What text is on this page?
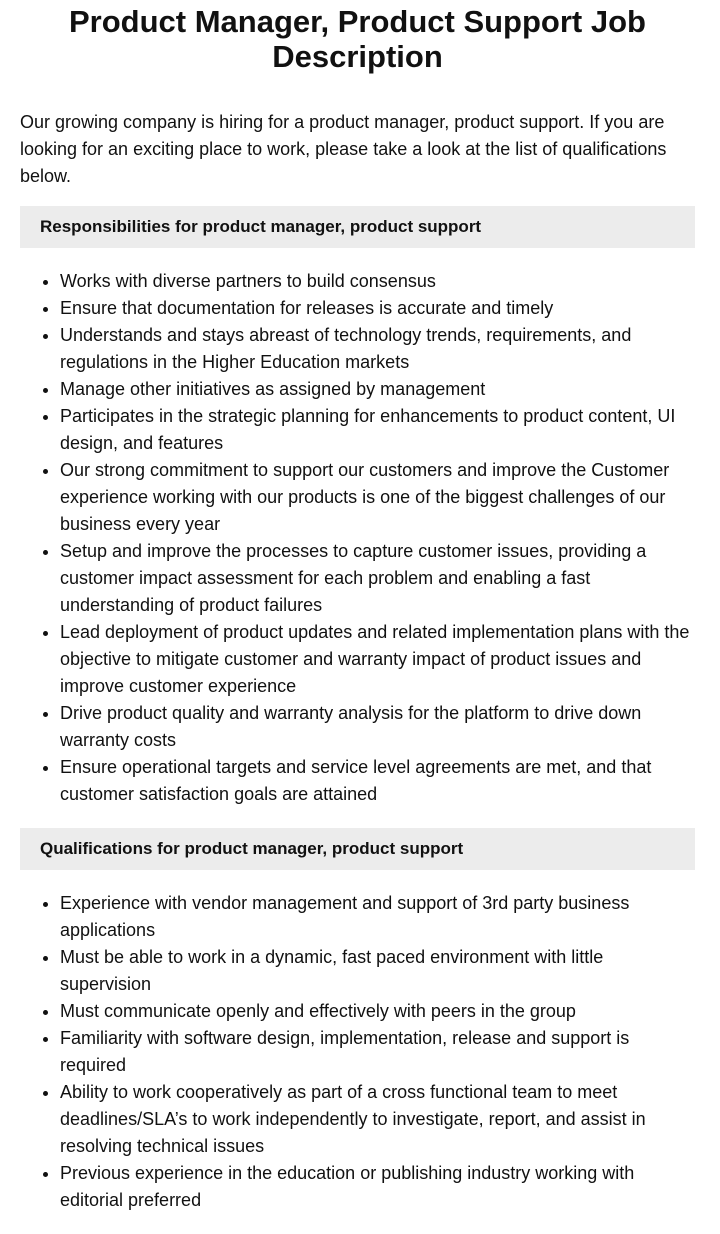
Product Manager, Product Support Job Description

Our growing company is hiring for a product manager, product support. If you are looking for an exciting place to work, please take a look at the list of qualifications below.

Responsibilities for product manager, product support
• Works with diverse partners to build consensus
• Ensure that documentation for releases is accurate and timely
• Understands and stays abreast of technology trends, requirements, and regulations in the Higher Education markets
• Manage other initiatives as assigned by management
• Participates in the strategic planning for enhancements to product content, UI design, and features
• Our strong commitment to support our customers and improve the Customer experience working with our products is one of the biggest challenges of our business every year
• Setup and improve the processes to capture customer issues, providing a customer impact assessment for each problem and enabling a fast understanding of product failures
• Lead deployment of product updates and related implementation plans with the objective to mitigate customer and warranty impact of product issues and improve customer experience
• Drive product quality and warranty analysis for the platform to drive down warranty costs
• Ensure operational targets and service level agreements are met, and that customer satisfaction goals are attained
Qualifications for product manager, product support
• Experience with vendor management and support of 3rd party business applications
• Must be able to work in a dynamic, fast paced environment with little supervision
• Must communicate openly and effectively with peers in the group
• Familiarity with software design, implementation, release and support is required
• Ability to work cooperatively as part of a cross functional team to meet deadlines/SLA’s to work independently to investigate, report, and assist in resolving technical issues
• Previous experience in the education or publishing industry working with editorial preferred
